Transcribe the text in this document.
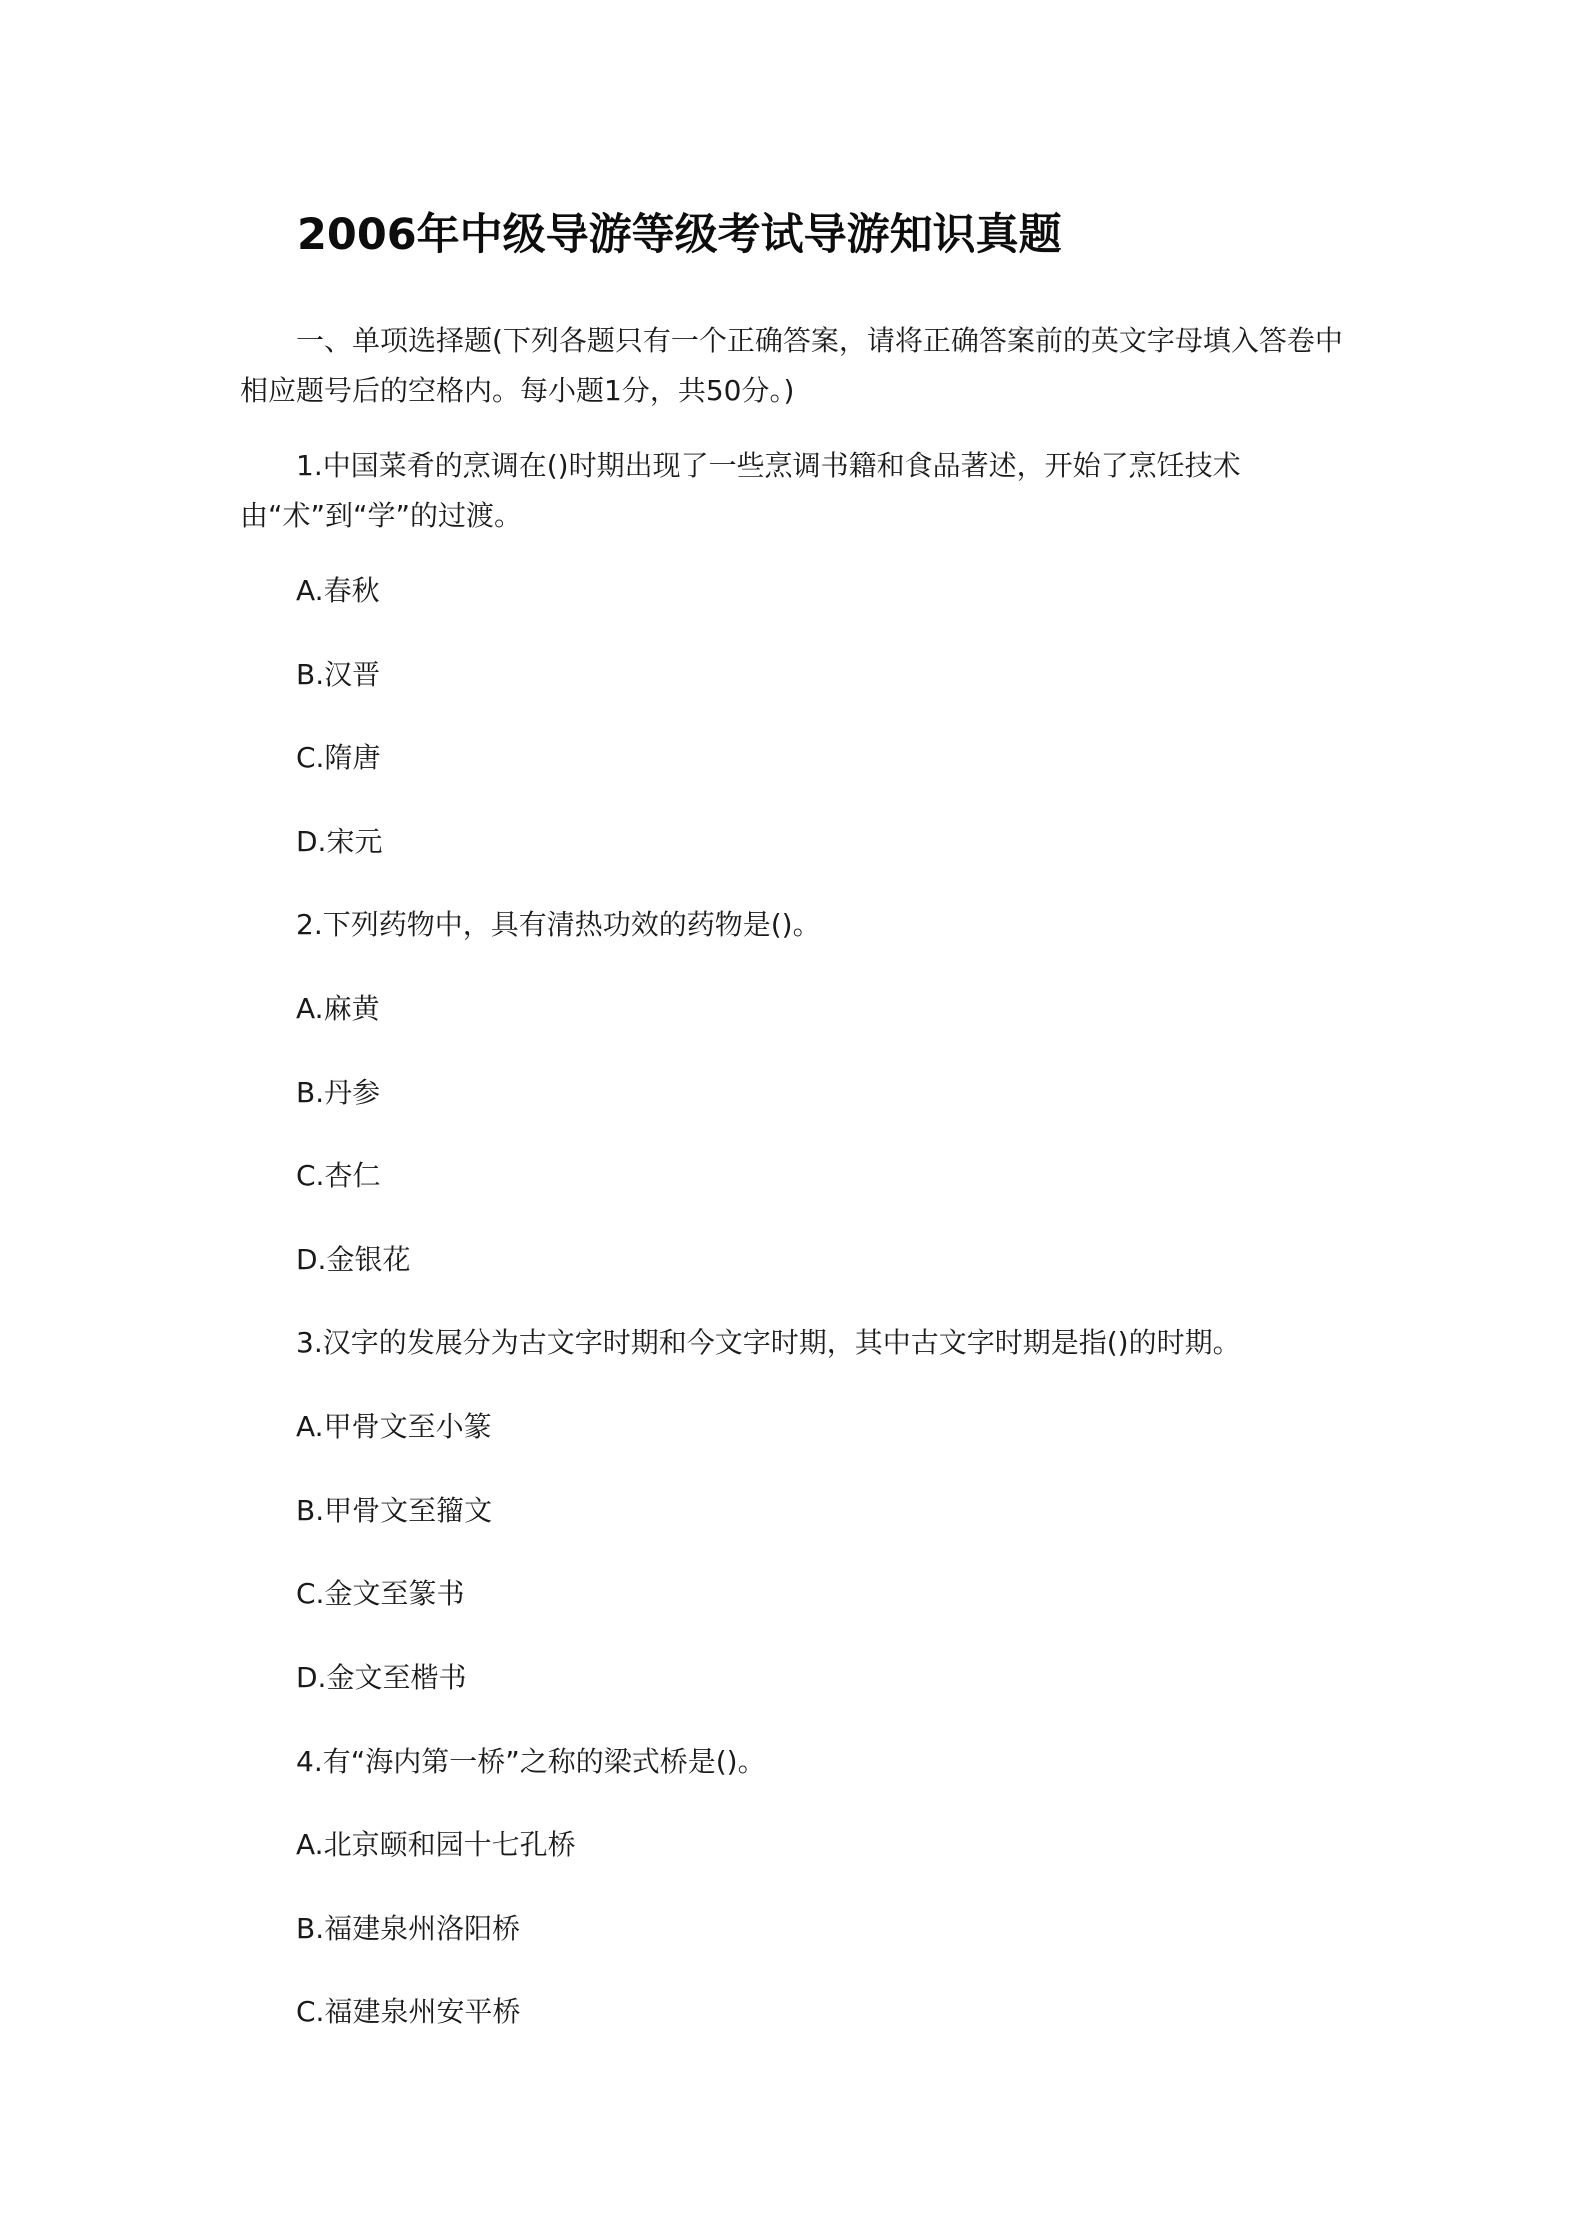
2006年中级导游等级考试导游知识真题

一、单项选择题(下列各题只有一个正确答案，请将正确答案前的英文字母填入答卷中相应题号后的空格内。每小题1分，共50分。)

1.中国菜肴的烹调在()时期出现了一些烹调书籍和食品著述，开始了烹饪技术由“术”到“学”的过渡。

A.春秋

B.汉晋

C.隋唐

D.宋元

2.下列药物中，具有清热功效的药物是()。

A.麻黄

B.丹参

C.杏仁

D.金银花

3.汉字的发展分为古文字时期和今文字时期，其中古文字时期是指()的时期。

A.甲骨文至小篆

B.甲骨文至籀文

C.金文至篆书

D.金文至楷书

4.有“海内第一桥”之称的梁式桥是()。

A.北京颐和园十七孔桥

B.福建泉州洛阳桥

C.福建泉州安平桥
